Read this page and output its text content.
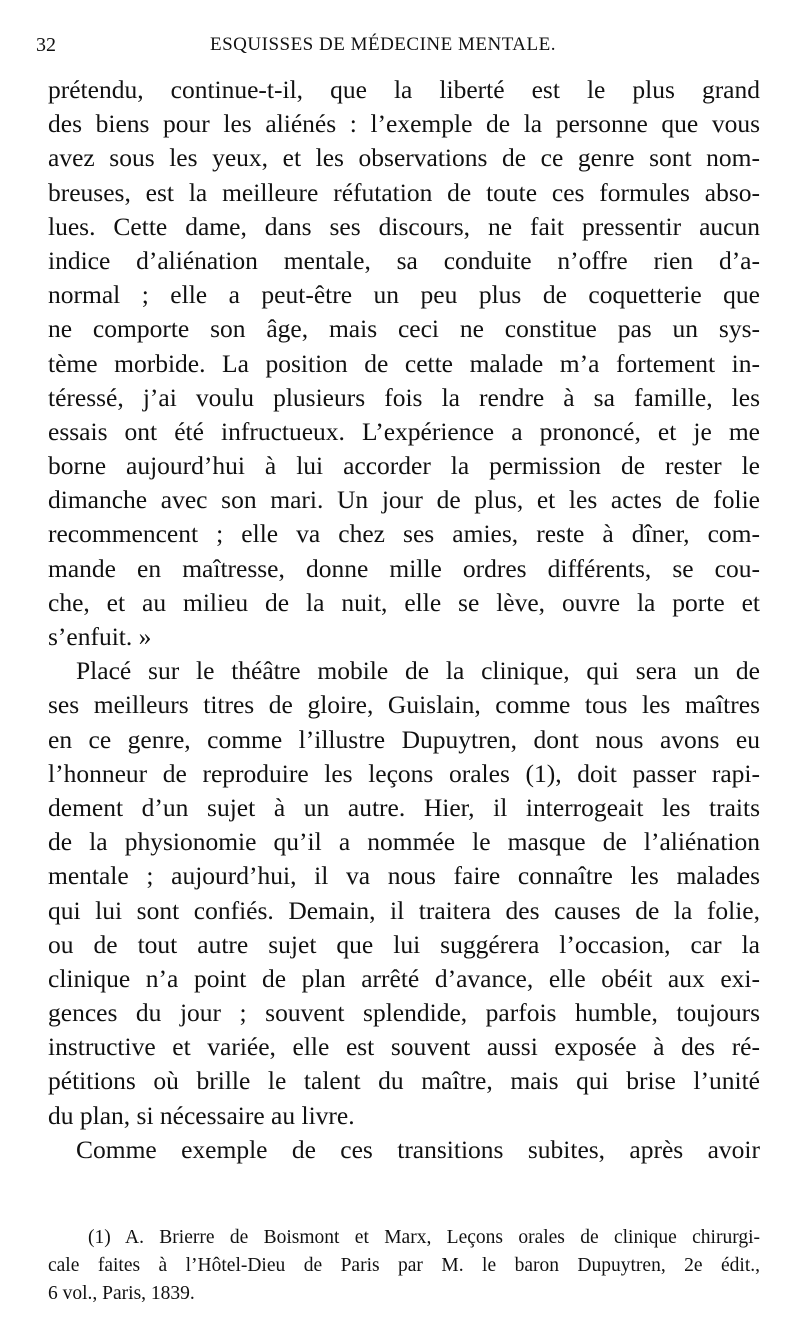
32	ESQUISSES DE MÉDECINE MENTALE.
prétendu, continue-t-il, que la liberté est le plus grand
des biens pour les aliénés : l’exemple de la personne que vous
avez sous les yeux, et les observations de ce genre sont nom-
breuses, est la meilleure réfutation de toute ces formules abso-
lues. Cette dame, dans ses discours, ne fait pressentir aucun
indice d’aliénation mentale, sa conduite n’offre rien d’a-
normal ; elle a peut-être un peu plus de coquetterie que
ne comporte son âge, mais ceci ne constitue pas un sys-
tème morbide. La position de cette malade m’a fortement in-
téressé, j’ai voulu plusieurs fois la rendre à sa famille, les
essais ont été infructueux. L’expérience a prononcé, et je me
borne aujourd’hui à lui accorder la permission de rester le
dimanche avec son mari. Un jour de plus, et les actes de folie
recommencent ; elle va chez ses amies, reste à dîner, com-
mande en maîtresse, donne mille ordres différents, se cou-
che, et au milieu de la nuit, elle se lève, ouvre la porte et
s’enfuit. »
Placé sur le théâtre mobile de la clinique, qui sera un de
ses meilleurs titres de gloire, Guislain, comme tous les maîtres
en ce genre, comme l’illustre Dupuytren, dont nous avons eu
l’honneur de reproduire les leçons orales (1), doit passer rapi-
dement d’un sujet à un autre. Hier, il interrogeait les traits
de la physionomie qu’il a nommée le masque de l’aliénation
mentale ; aujourd’hui, il va nous faire connaître les malades
qui lui sont confiés. Demain, il traitera des causes de la folie,
ou de tout autre sujet que lui suggérera l’occasion, car la
clinique n’a point de plan arrêté d’avance, elle obéit aux exi-
gences du jour ; souvent splendide, parfois humble, toujours
instructive et variée, elle est souvent aussi exposée à des ré-
pétitions où brille le talent du maître, mais qui brise l’unité
du plan, si nécessaire au livre.
Comme exemple de ces transitions subites, après avoir
(1) A. Brierre de Boismont et Marx, Leçons orales de clinique chirurgi-
cale faites à l’Hôtel-Dieu de Paris par M. le baron Dupuytren, 2e édit.,
6 vol., Paris, 1839.
